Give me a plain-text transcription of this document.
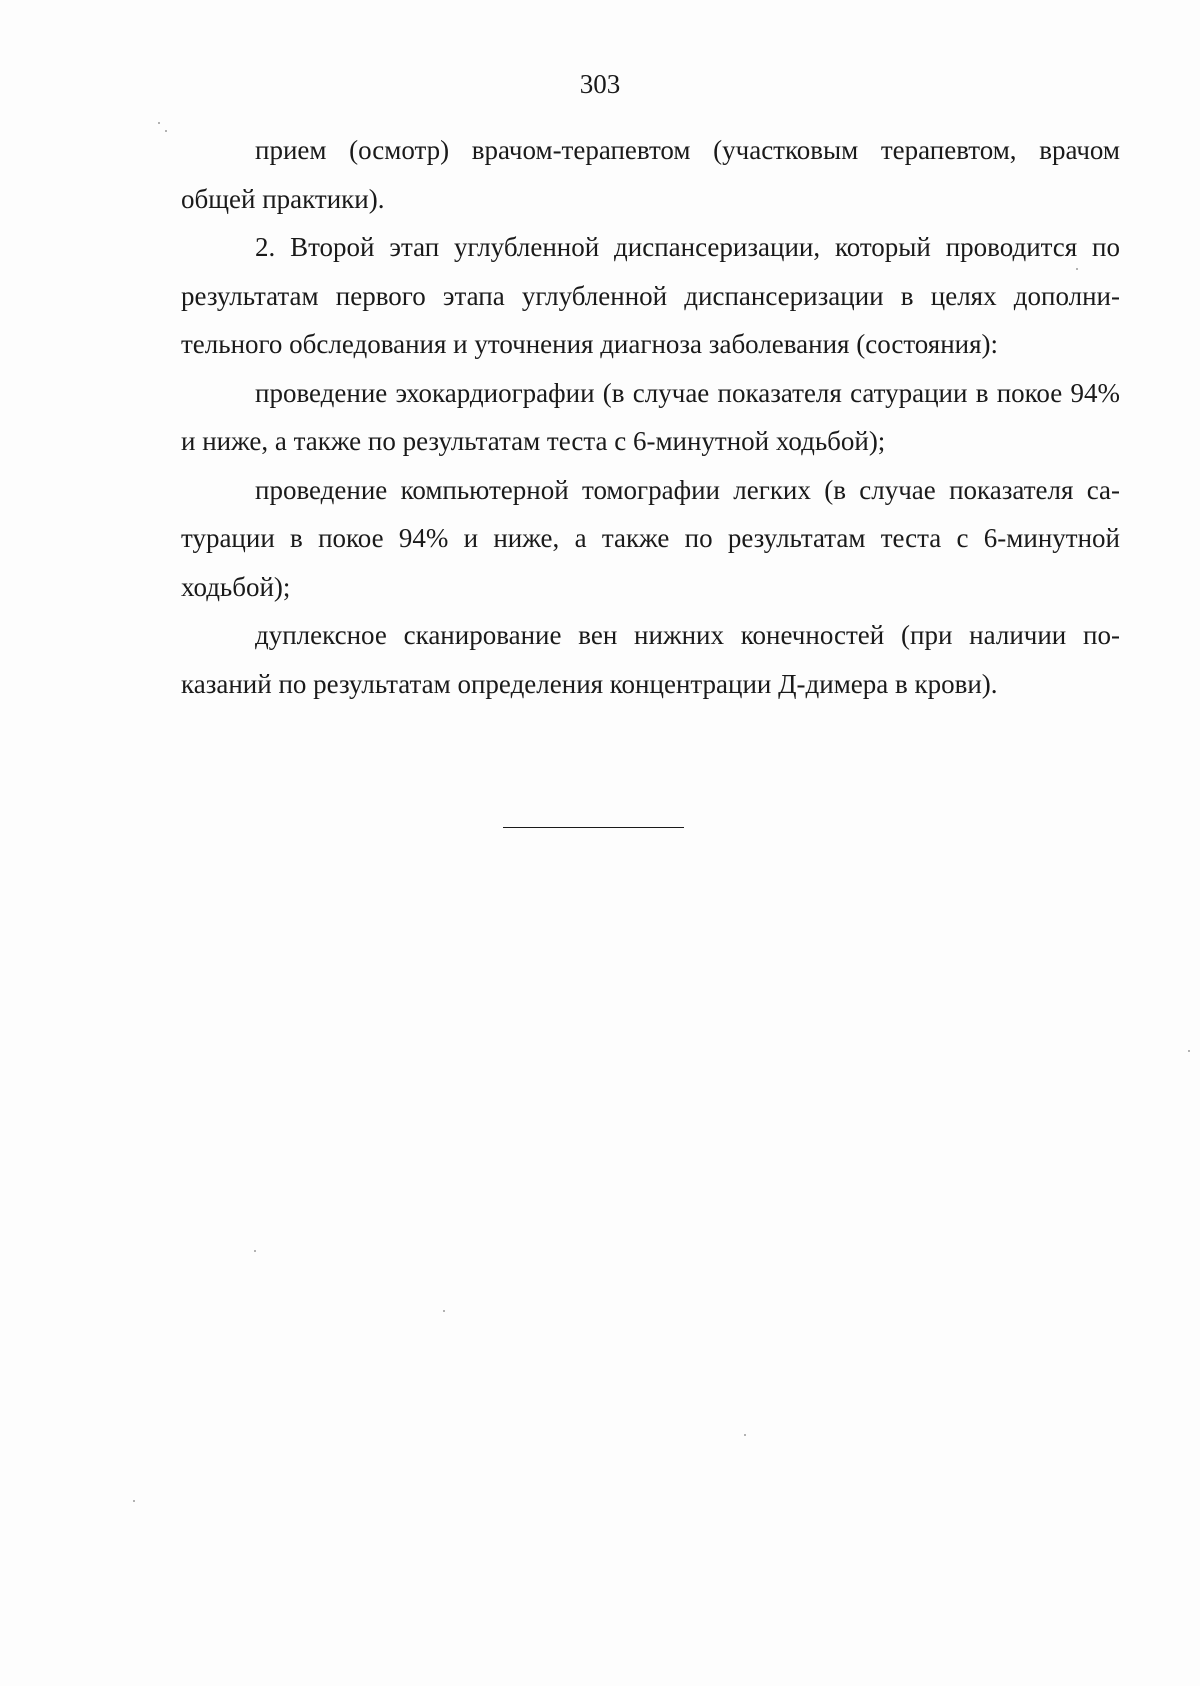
303

прием (осмотр) врачом-терапевтом (участковым терапевтом, врачом общей практики).

2. Второй этап углубленной диспансеризации, который проводится по результатам первого этапа углубленной диспансеризации в целях дополнительного обследования и уточнения диагноза заболевания (состояния):

проведение эхокардиографии (в случае показателя сатурации в покое 94% и ниже, а также по результатам теста с 6-минутной ходьбой);

проведение компьютерной томографии легких (в случае показателя сатурации в покое 94% и ниже, а также по результатам теста с 6-минутной ходьбой);

дуплексное сканирование вен нижних конечностей (при наличии показаний по результатам определения концентрации Д-димера в крови).
